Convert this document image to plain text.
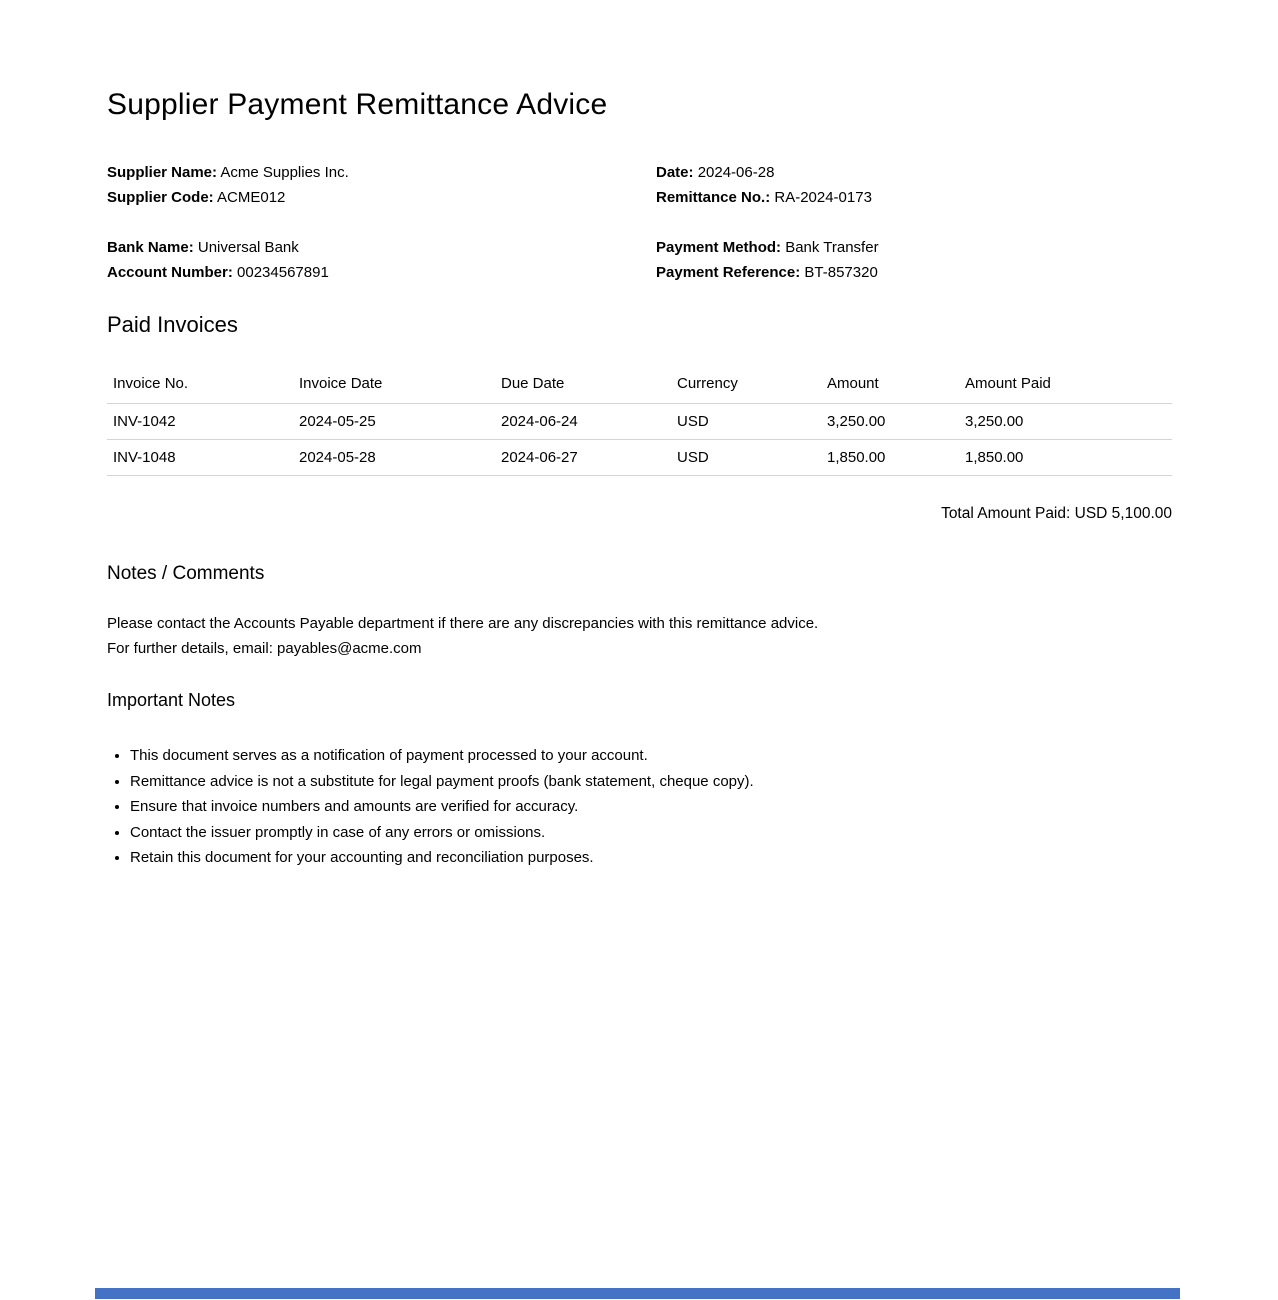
Supplier Payment Remittance Advice
Supplier Name: Acme Supplies Inc.
Supplier Code: ACME012
Date: 2024-06-28
Remittance No.: RA-2024-0173
Bank Name: Universal Bank
Account Number: 00234567891
Payment Method: Bank Transfer
Payment Reference: BT-857320
Paid Invoices
Invoice No.	Invoice Date	Due Date	Currency	Amount	Amount Paid
INV-1042	2024-05-25	2024-06-24	USD	3,250.00	3,250.00
INV-1048	2024-05-28	2024-06-27	USD	1,850.00	1,850.00
Total Amount Paid: USD 5,100.00
Notes / Comments
Please contact the Accounts Payable department if there are any discrepancies with this remittance advice.
For further details, email: payables@acme.com
Important Notes
• This document serves as a notification of payment processed to your account.
• Remittance advice is not a substitute for legal payment proofs (bank statement, cheque copy).
• Ensure that invoice numbers and amounts are verified for accuracy.
• Contact the issuer promptly in case of any errors or omissions.
• Retain this document for your accounting and reconciliation purposes.
